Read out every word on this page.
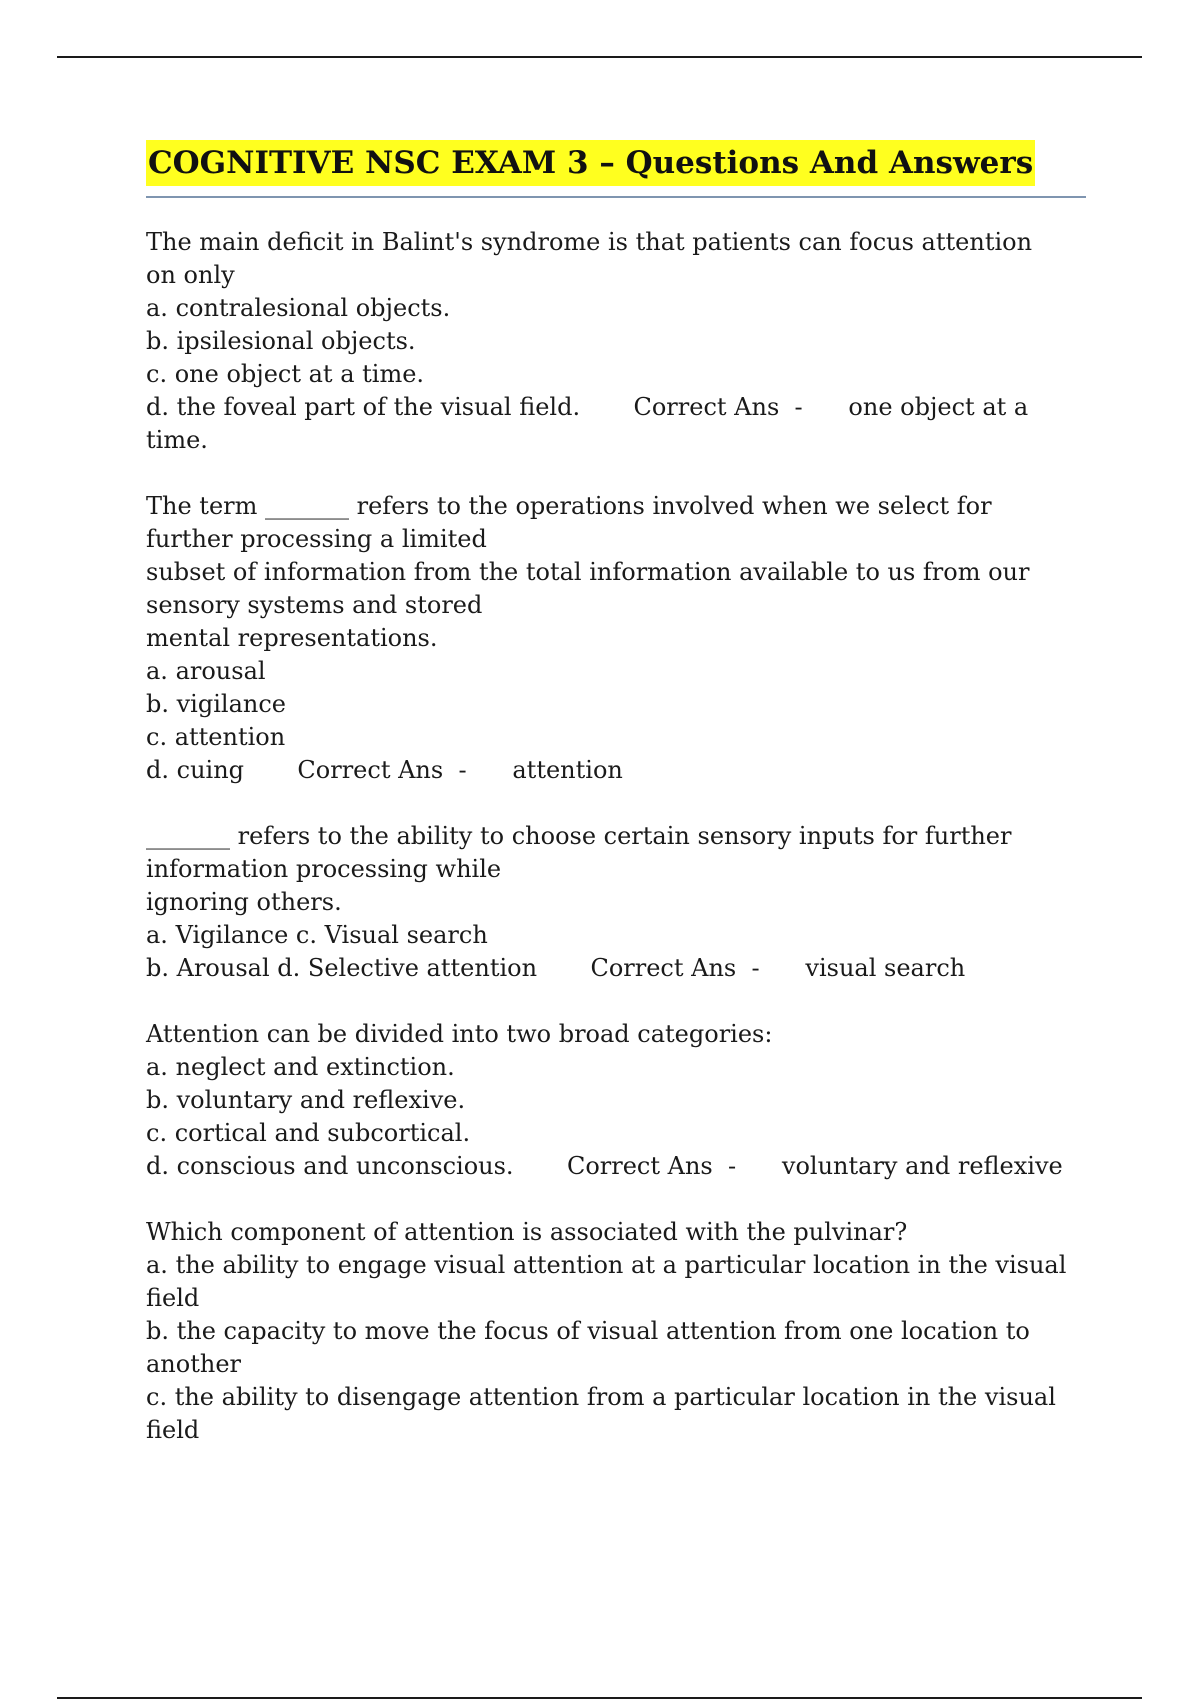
COGNITIVE NSC EXAM 3 – Questions And Answers
The main deficit in Balint's syndrome is that patients can focus attention
on only
a. contralesional objects.
b. ipsilesional objects.
c. one object at a time.
d. the foveal part of the visual field. Correct Ans  - one object at a
time.
The term _______ refers to the operations involved when we select for
further processing a limited
subset of information from the total information available to us from our
sensory systems and stored
mental representations.
a. arousal
b. vigilance
c. attention
d. cuing Correct Ans  - attention
_______ refers to the ability to choose certain sensory inputs for further
information processing while
ignoring others.
a. Vigilance c. Visual search
b. Arousal d. Selective attention Correct Ans  - visual search
Attention can be divided into two broad categories:
a. neglect and extinction.
b. voluntary and reflexive.
c. cortical and subcortical.
d. conscious and unconscious. Correct Ans  - voluntary and reflexive
Which component of attention is associated with the pulvinar?
a. the ability to engage visual attention at a particular location in the visual
field
b. the capacity to move the focus of visual attention from one location to
another
c. the ability to disengage attention from a particular location in the visual
field
